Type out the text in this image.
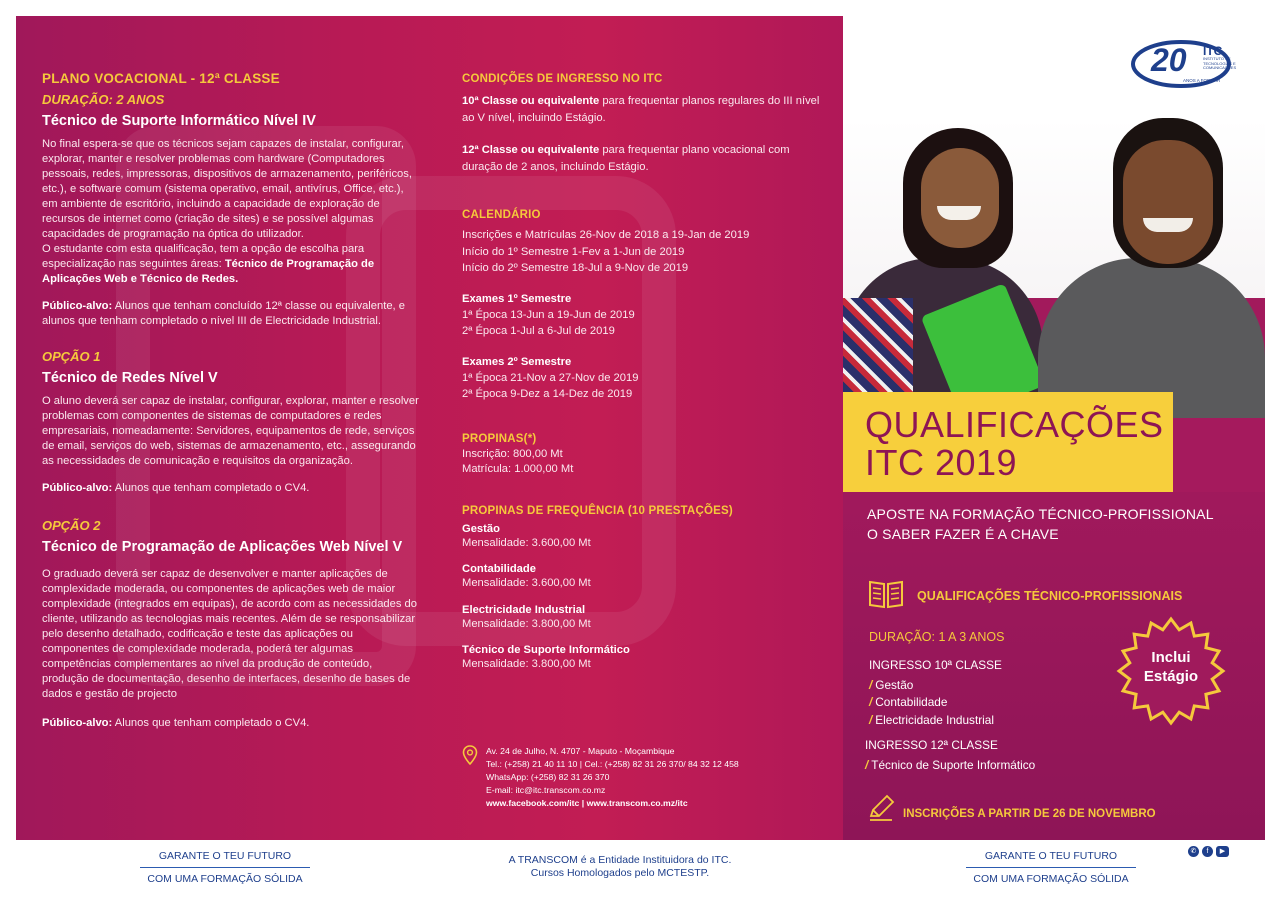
PLANO VOCACIONAL - 12ª CLASSE
DURAÇÃO: 2 ANOS
Técnico de Suporte Informático Nível IV
No final espera-se que os técnicos sejam capazes de instalar, configurar, explorar, manter e resolver problemas com hardware (Computadores pessoais, redes, impressoras, dispositivos de armazenamento, periféricos, etc.), e software comum (sistema operativo, email, antivírus, Office, etc.), em ambiente de escritório, incluindo a capacidade de exploração de recursos de internet como (criação de sites) e se possível algumas capacidades de programação na óptica do utilizador.
O estudante com esta qualificação, tem a opção de escolha para especialização nas seguintes áreas: Técnico de Programação de Aplicações Web e Técnico de Redes.
Público-alvo: Alunos que tenham concluído 12ª classe ou equivalente, e alunos que tenham completado o nível III de Electricidade Industrial.
OPÇÃO 1
Técnico de Redes Nível V
O aluno deverá ser capaz de instalar, configurar, explorar, manter e resolver problemas com componentes de sistemas de computadores e redes empresariais, nomeadamente: Servidores, equipamentos de rede, serviços de email, serviços do web, sistemas de armazenamento, etc., assegurando as necessidades de comunicação e requisitos da organização.
Público-alvo: Alunos que tenham completado o CV4.
OPÇÃO 2
Técnico de Programação de Aplicações Web Nível V
O graduado deverá ser capaz de desenvolver e manter aplicações de complexidade moderada, ou componentes de aplicações web de maior complexidade (integrados em equipas), de acordo com as necessidades do cliente, utilizando as tecnologias mais recentes. Além de se responsabilizar pelo desenho detalhado, codificação e teste das aplicações ou componentes de complexidade moderada, poderá ter algumas competências complementares ao nível da produção de conteúdo, produção de documentação, desenho de interfaces, desenho de bases de dados e gestão de projecto
Público-alvo: Alunos que tenham completado o CV4.
CONDIÇÕES DE INGRESSO NO ITC
10ª Classe ou equivalente para frequentar planos regulares do III nível ao V nível, incluindo Estágio.
12ª Classe ou equivalente para frequentar plano vocacional com duração de 2 anos, incluindo Estágio.
CALENDÁRIO
Inscrições e Matrículas 26-Nov de 2018 a 19-Jan de 2019
Início do 1º Semestre 1-Fev a 1-Jun de 2019
Início do 2º Semestre 18-Jul a 9-Nov de 2019
Exames 1º Semestre
1ª Época 13-Jun a 19-Jun de 2019
2ª Época 1-Jul a 6-Jul de 2019
Exames 2º Semestre
1ª Época 21-Nov a 27-Nov de 2019
2ª Época 9-Dez a 14-Dez de 2019
PROPINAS(*)
Inscrição: 800,00 Mt
Matrícula: 1.000,00 Mt
PROPINAS DE FREQUÊNCIA (10 PRESTAÇÕES)
Gestão
Mensalidade: 3.600,00 Mt
Contabilidade
Mensalidade: 3.600,00 Mt
Electricidade Industrial
Mensalidade: 3.800,00 Mt
Técnico de Suporte Informático
Mensalidade: 3.800,00 Mt
Av. 24 de Julho, N. 4707 - Maputo - Moçambique
Tel.: (+258) 21 40 11 10 | Cel.: (+258) 82 31 26 370/ 84 32 12 458
WhatsApp: (+258) 82 31 26 370
E-mail: itc@itc.transcom.co.mz
www.facebook.com/itc | www.transcom.co.mz/itc
20 ITC
INSTITUTO DE TECNOLOGIAS E COMUNICAÇÕES
ANOS A FORMAR
QUALIFICAÇÕES
ITC 2019
APOSTE NA FORMAÇÃO TÉCNICO-PROFISSIONAL
O SABER FAZER É A CHAVE
QUALIFICAÇÕES TÉCNICO-PROFISSIONAIS
DURAÇÃO: 1 A 3 ANOS
INGRESSO 10ª CLASSE
/ Gestão
/ Contabilidade
/ Electricidade Industrial
INGRESSO 12ª CLASSE
/ Técnico de Suporte Informático
Inclui
Estágio
INSCRIÇÕES A PARTIR DE 26 DE NOVEMBRO
GARANTE O TEU FUTURO
COM UMA FORMAÇÃO SÓLIDA
A TRANSCOM é a Entidade Instituidora do ITC.
Cursos Homologados pelo MCTESTP.
GARANTE O TEU FUTURO
COM UMA FORMAÇÃO SÓLIDA
✆	f	▶
